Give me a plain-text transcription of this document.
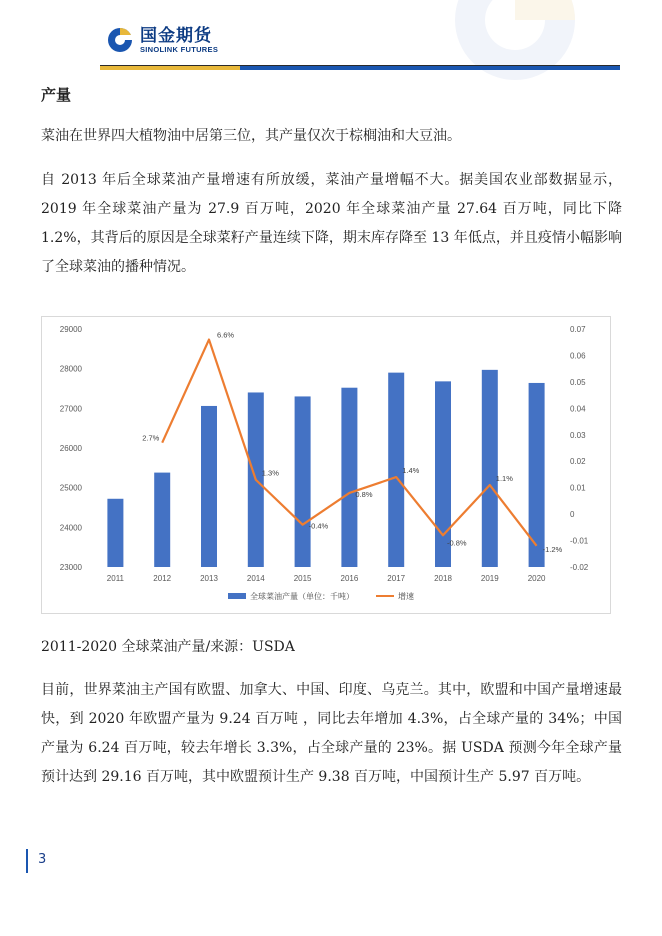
国金期货
SINOLINK FUTURES
产量

菜油在世界四大植物油中居第三位，其产量仅次于棕榈油和大豆油。

自 2013 年后全球菜油产量增速有所放缓，菜油产量增幅不大。据美国农业部数据显示，2019 年全球菜油产量为 27.9 百万吨，2020 年全球菜油产量 27.64 百万吨，同比下降 1.2%，其背后的原因是全球菜籽产量连续下降，期末库存降至 13 年低点，并且疫情小幅影响了全球菜油的播种情况。

23000
24000
25000
26000
27000
28000
29000
-0.02
-0.01
0
0.01
0.02
0.03
0.04
0.05
0.06
0.07
2011	2012	2013	2014	2015	2016	2017	2018	2019	2020
2.7%
6.6%
1.3%
-0.4%
0.8%
1.4%
-0.8%
1.1%
-1.2%
全球菜油产量（单位：千吨）	增速
2011-2020 全球菜油产量/来源：USDA

目前，世界菜油主产国有欧盟、加拿大、中国、印度、乌克兰。其中，欧盟和中国产量增速最快，到 2020 年欧盟产量为 9.24 百万吨 ，同比去年增加 4.3%，占全球产量的 34%；中国产量为 6.24 百万吨，较去年增长 3.3%，占全球产量的 23%。据 USDA 预测今年全球产量预计达到 29.16 百万吨，其中欧盟预计生产 9.38 百万吨，中国预计生产 5.97 百万吨。

3
